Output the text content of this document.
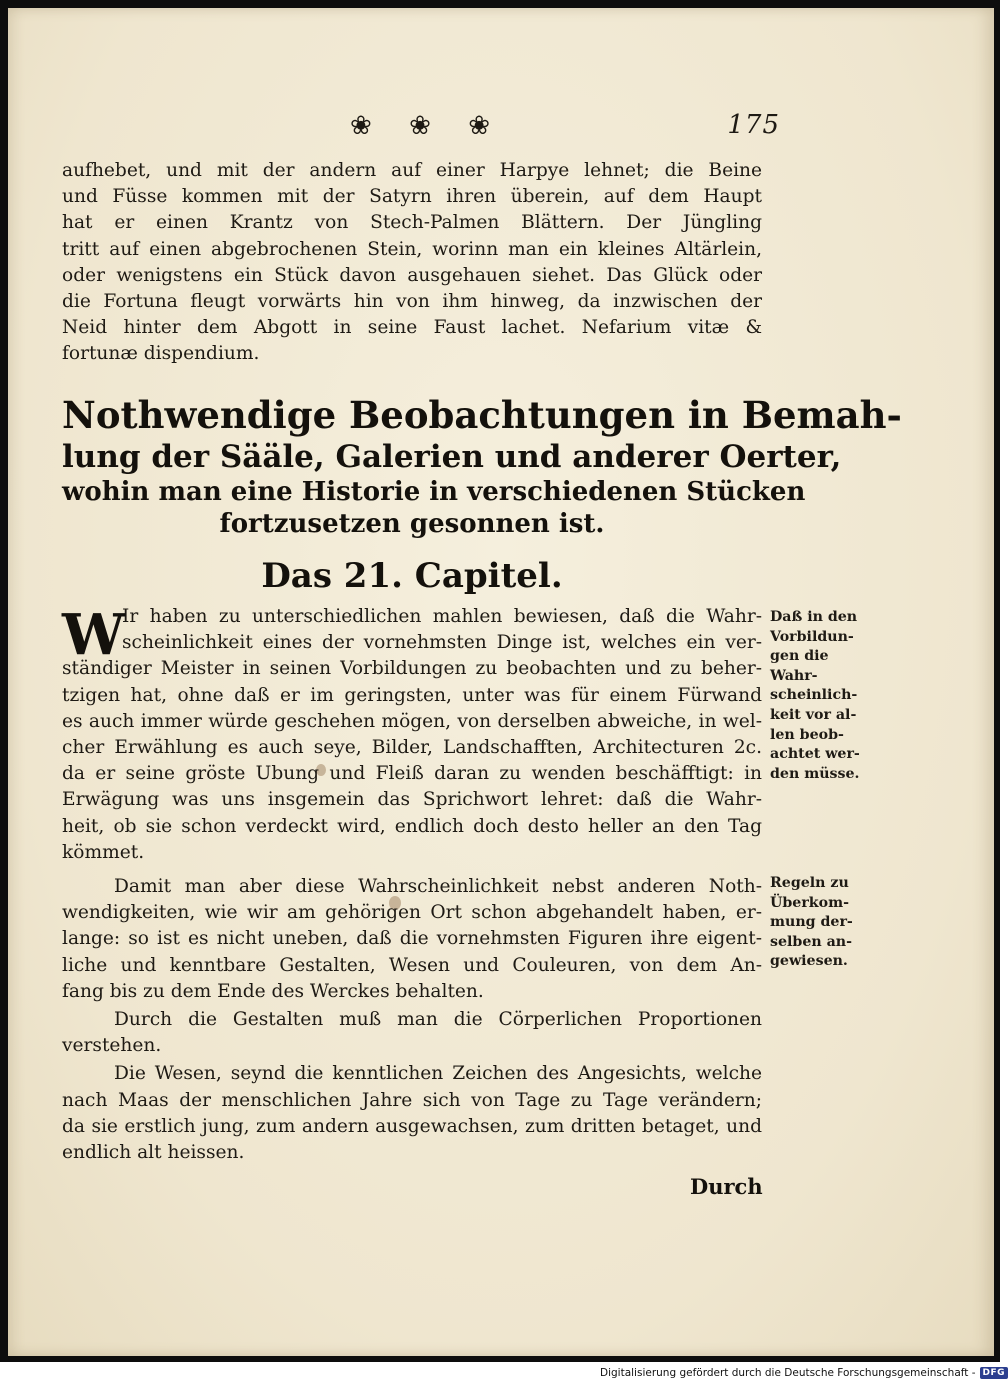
❀ ❀ ❀	175
aufhebet, und mit der andern auf einer Harpye lehnet; die Beine
und Füsse kommen mit der Satyrn ihren überein, auf dem Haupt
hat er einen Krantz von Stech-Palmen Blättern. Der Jüngling
tritt auf einen abgebrochenen Stein, worinn man ein kleines Altärlein,
oder wenigstens ein Stück davon ausgehauen siehet. Das Glück oder
die Fortuna fleugt vorwärts hin von ihm hinweg, da inzwischen der
Neid hinter dem Abgott in seine Faust lachet. Nefarium vitæ &
fortunæ dispendium.
Nothwendige Beobachtungen in Bemah-
lung der Sääle, Galerien und anderer Oerter,
wohin man eine Historie in verschiedenen Stücken
fortzusetzen gesonnen ist.
Das 21. Capitel.
W
Ir haben zu unterschiedlichen mahlen bewiesen, daß die Wahr-
scheinlichkeit eines der vornehmsten Dinge ist, welches ein ver-
ständiger Meister in seinen Vorbildungen zu beobachten und zu beher-
tzigen hat, ohne daß er im geringsten, unter was für einem Fürwand
es auch immer würde geschehen mögen, von derselben abweiche, in wel-
cher Erwählung es auch seye, Bilder, Landschafften, Architecturen 2c.
da er seine gröste Ubung und Fleiß daran zu wenden beschäfftigt: in
Erwägung was uns insgemein das Sprichwort lehret: daß die Wahr-
heit, ob sie schon verdeckt wird, endlich doch desto heller an den Tag
kömmet.
Damit man aber diese Wahrscheinlichkeit nebst anderen Noth-
wendigkeiten, wie wir am gehörigen Ort schon abgehandelt haben, er-
lange: so ist es nicht uneben, daß die vornehmsten Figuren ihre eigent-
liche und kenntbare Gestalten, Wesen und Couleuren, von dem An-
fang bis zu dem Ende des Werckes behalten.
Durch die Gestalten muß man die Cörperlichen Proportionen
verstehen.
Die Wesen, seynd die kenntlichen Zeichen des Angesichts, welche
nach Maas der menschlichen Jahre sich von Tage zu Tage verändern;
da sie erstlich jung, zum andern ausgewachsen, zum dritten betaget, und
endlich alt heissen.
Daß in den
Vorbildun-
gen die
Wahr-
scheinlich-
keit vor al-
len beob-
achtet wer-
den müsse.
Regeln zu
Überkom-
mung der-
selben an-
gewiesen.
Durch
Digitalisierung gefördert durch die Deutsche Forschungsgemeinschaft - DFG
